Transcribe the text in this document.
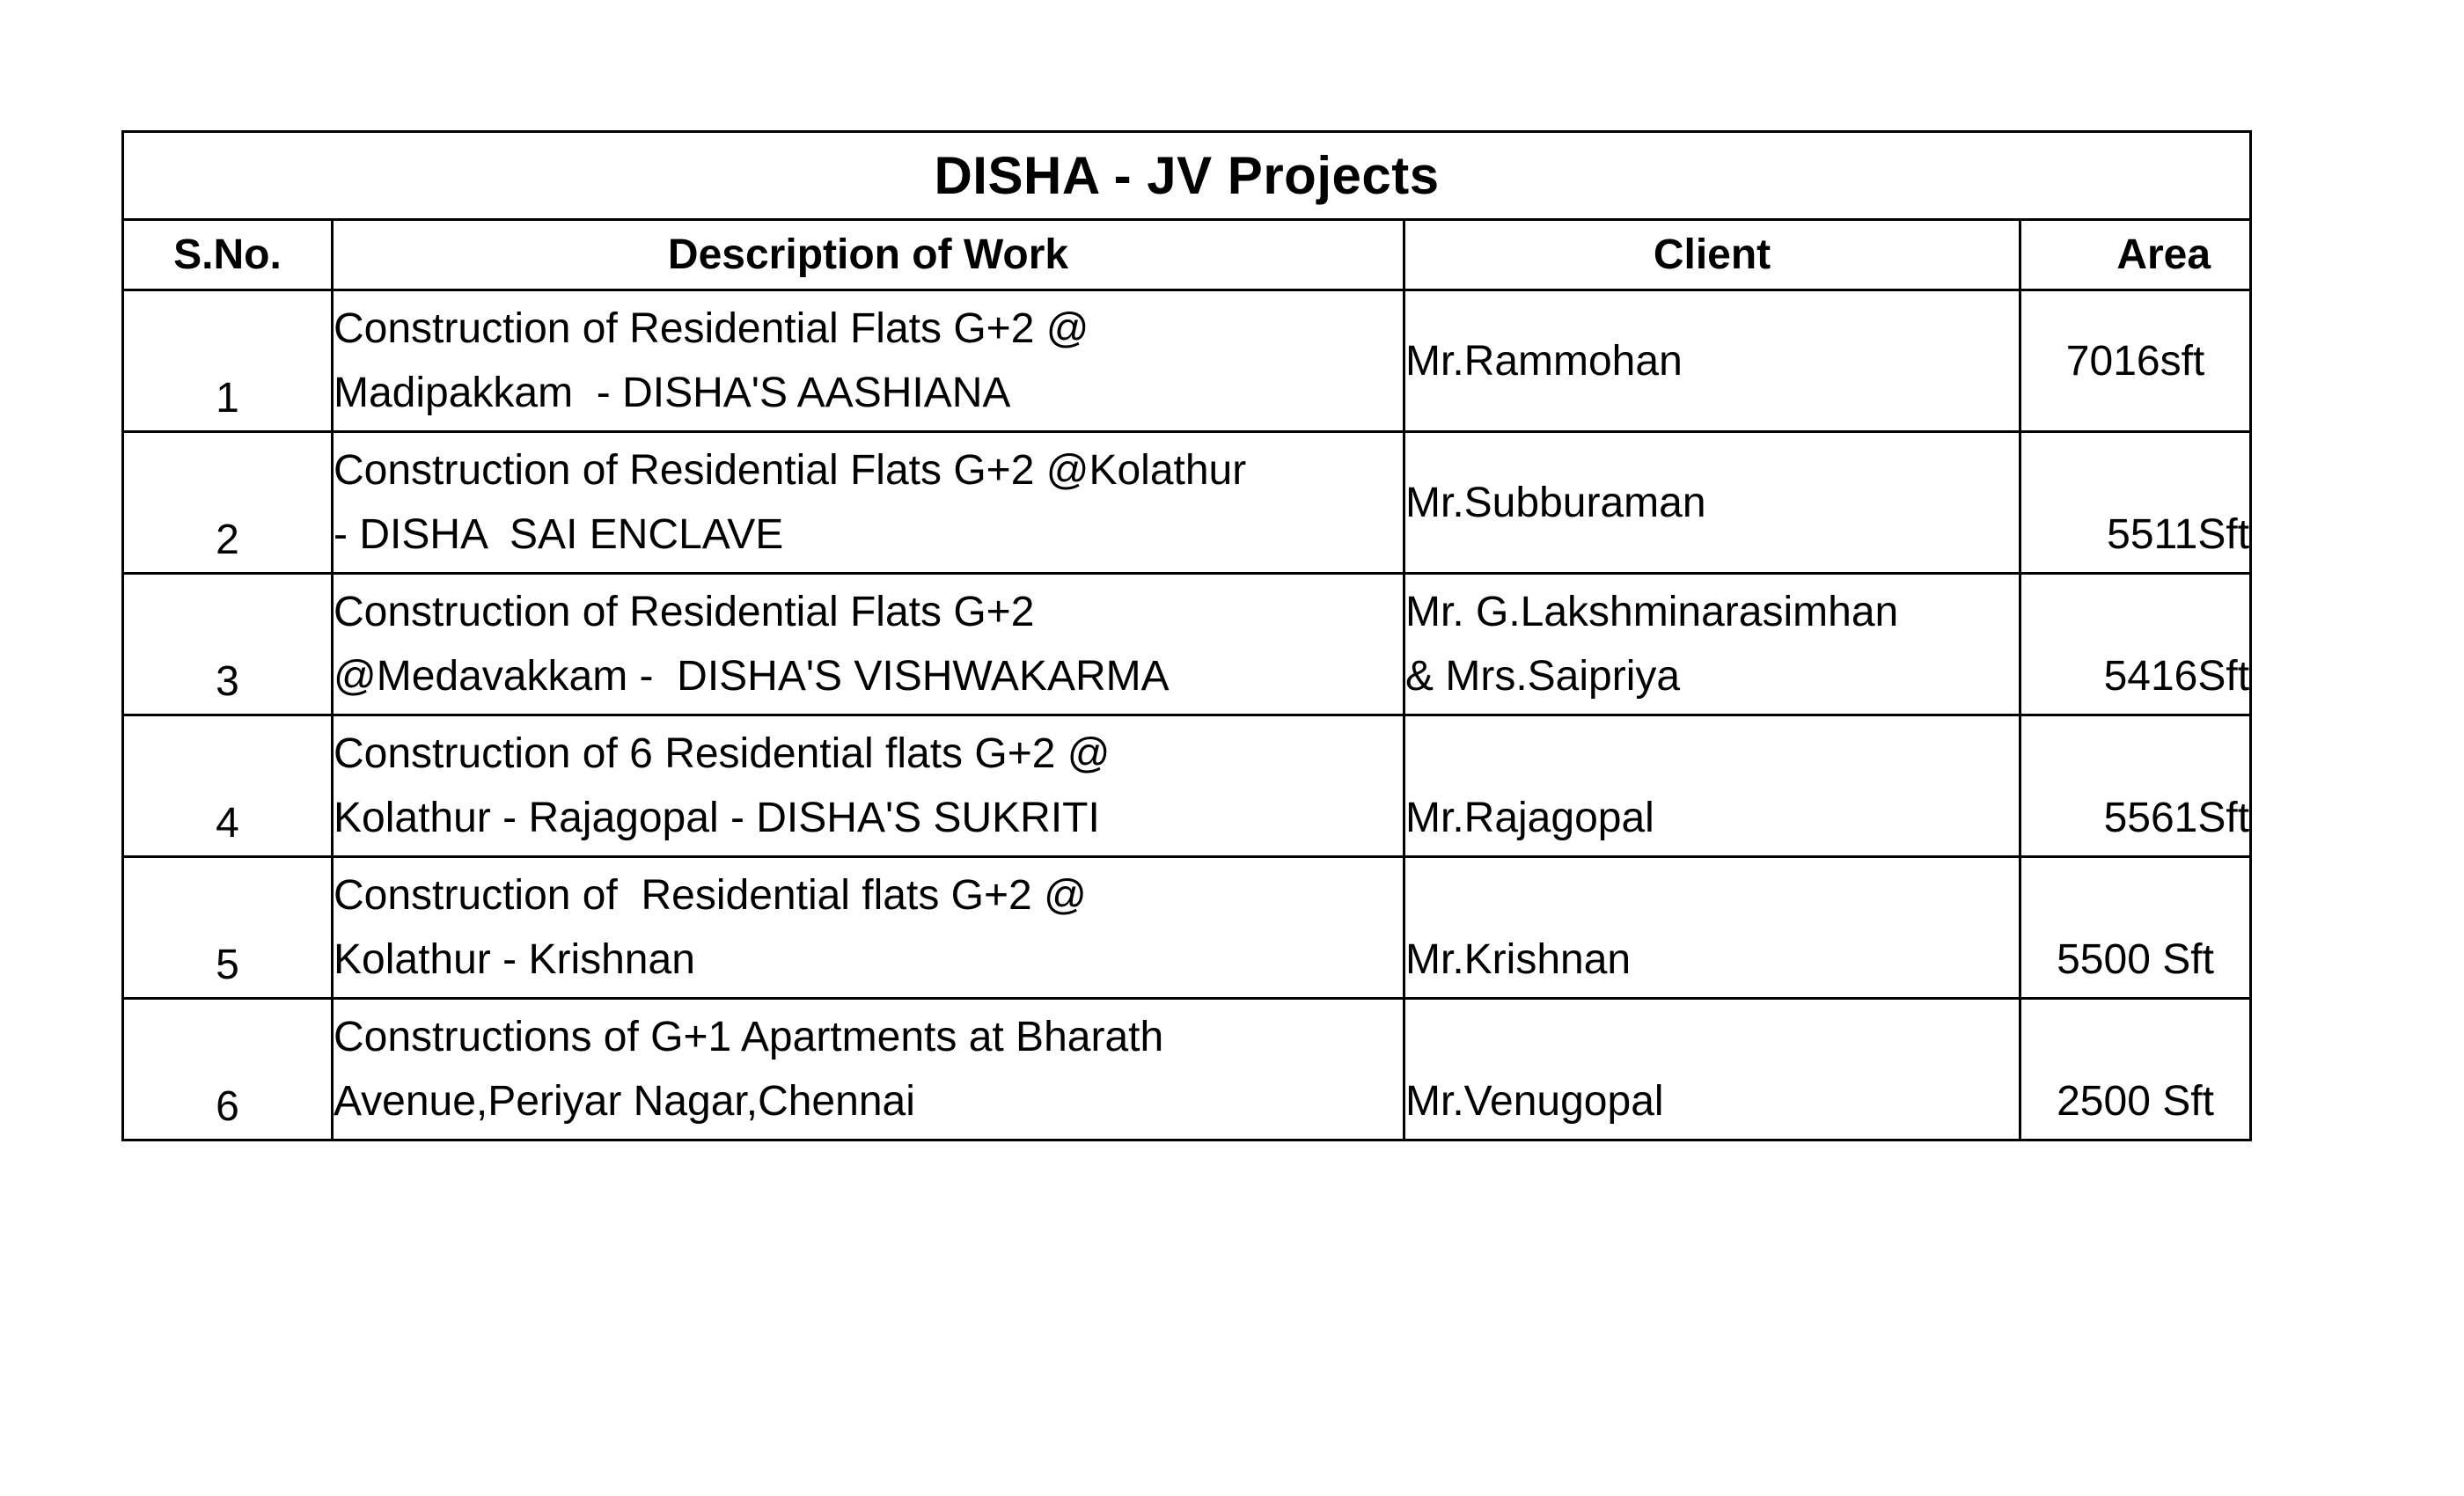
DISHA - JV Projects			
S.No.	Description of Work	Client	Area
1	Construction of Residential Flats G+2 @
Madipakkam  - DISHA'S AASHIANA	Mr.Rammohan	7016sft
2	Construction of Residential Flats G+2 @Kolathur
- DISHA  SAI ENCLAVE	Mr.Subburaman	5511Sft
3	Construction of Residential Flats G+2
@Medavakkam -  DISHA'S VISHWAKARMA	Mr. G.Lakshminarasimhan
& Mrs.Saipriya	5416Sft
4	Construction of 6 Residential flats G+2 @
Kolathur - Rajagopal - DISHA'S SUKRITI	Mr.Rajagopal	5561Sft
5	Construction of  Residential flats G+2 @
Kolathur - Krishnan	Mr.Krishnan	5500 Sft
6	Constructions of G+1 Apartments at Bharath
Avenue,Periyar Nagar,Chennai	Mr.Venugopal	2500 Sft
